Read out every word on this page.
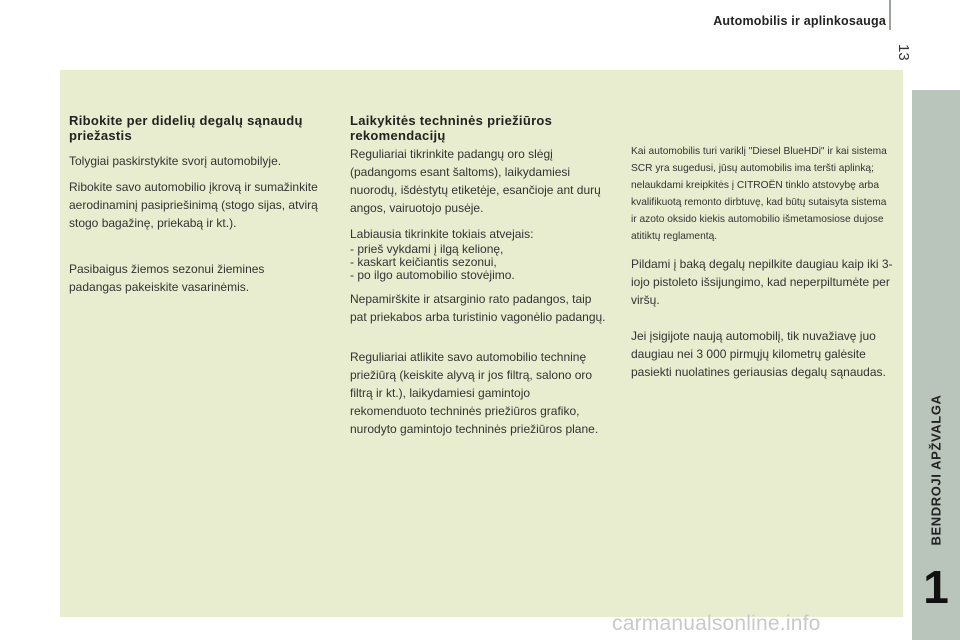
Automobilis ir aplinkosauga
13
BENDROJI APŽVALGA
1
Ribokite per didelių degalų sąnaudų priežastis

Tolygiai paskirstykite svorį automobilyje.

Ribokite savo automobilio įkrovą ir sumažinkite aerodinaminį pasipriešinimą (stogo sijas, atvirą stogo bagažinę, priekabą ir kt.).

Pasibaigus žiemos sezonui žiemines padangas pakeiskite vasarinėmis.

Laikykitės techninės priežiūros rekomendacijų

Reguliariai tikrinkite padangų oro slėgį (padangoms esant šaltoms), laikydamiesi nuorodų, išdėstytų etiketėje, esančioje ant durų angos, vairuotojo pusėje.

Labiausia tikrinkite tokiais atvejais:

- prieš vykdami į ilgą kelionę,
- kaskart keičiantis sezonui,
- po ilgo automobilio stovėjimo.

Nepamirškite ir atsarginio rato padangos, taip pat priekabos arba turistinio vagonėlio padangų.

Reguliariai atlikite savo automobilio techninę priežiūrą (keiskite alyvą ir jos filtrą, salono oro filtrą ir kt.), laikydamiesi gamintojo rekomenduoto techninės priežiūros grafiko, nurodyto gamintojo techninės priežiūros plane.

Kai automobilis turi variklį "Diesel BlueHDi" ir kai sistema SCR yra sugedusi, jūsų automobilis ima teršti aplinką; nelaukdami kreipkitės į CITROËN tinklo atstovybę arba kvalifikuotą remonto dirbtuvę, kad būtų sutaisyta sistema ir azoto oksido kiekis automobilio išmetamosiose dujose atitiktų reglamentą.

Pildami į baką degalų nepilkite daugiau kaip iki 3-iojo pistoleto išsijungimo, kad neperpiltumėte per viršų.

Jei įsigijote naują automobilį, tik nuvažiavę juo daugiau nei 3 000 pirmųjų kilometrų galėsite pasiekti nuolatines geriausias degalų sąnaudas.

carmanualsonline.info
